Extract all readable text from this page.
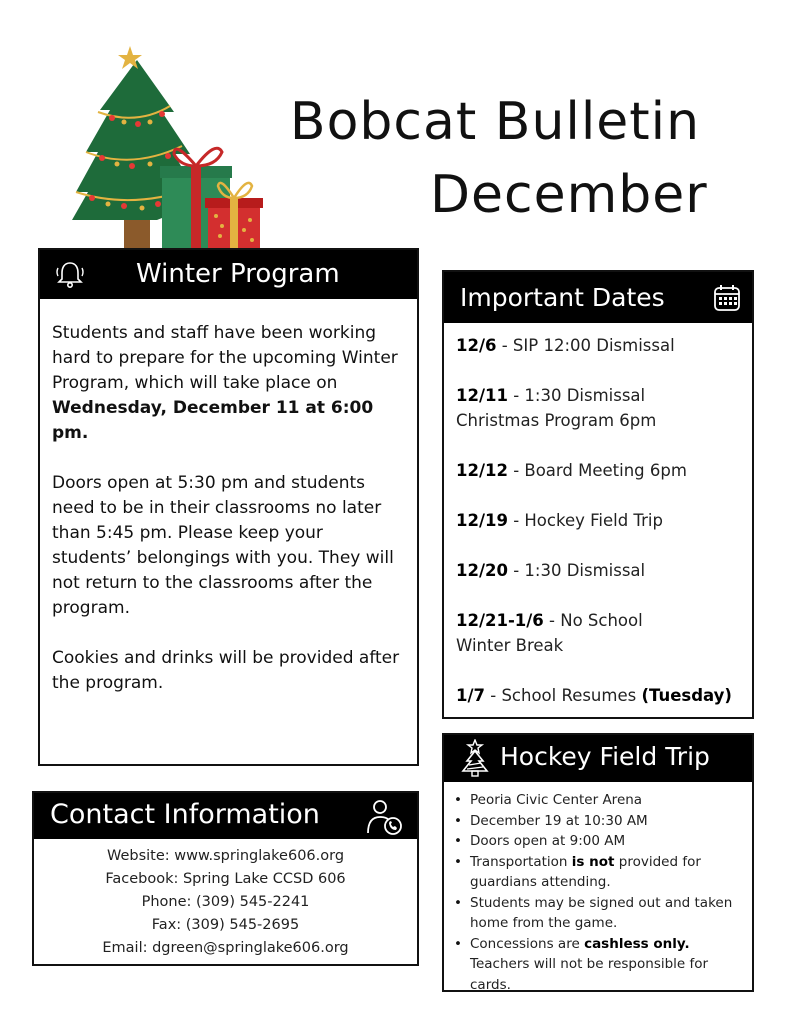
Bobcat Bulletin
December
Winter Program

Students and staff have been working hard to prepare for the upcoming Winter Program, which will take place on Wednesday, December 11 at 6:00 pm.

Doors open at 5:30 pm and students need to be in their classrooms no later than 5:45 pm. Please keep your students’ belongings with you. They will not return to the classrooms after the program.

Cookies and drinks will be provided after the program.

Contact Information
Website: www.springlake606.org
Facebook: Spring Lake CCSD 606
Phone: (309) 545-2241
Fax: (309) 545-2695
Email: dgreen@springlake606.org
Important Dates
12/6 - SIP 12:00 Dismissal
12/11 - 1:30 Dismissal
Christmas Program 6pm
12/12 - Board Meeting 6pm
12/19 - Hockey Field Trip
12/20 - 1:30 Dismissal
12/21-1/6 - No School
Winter Break
1/7 - School Resumes (Tuesday)
Hockey Field Trip
• Peoria Civic Center Arena
• December 19 at 10:30 AM
• Doors open at 9:00 AM
• Transportation is not provided for guardians attending.
• Students may be signed out and taken home from the game.
• Concessions are cashless only. Teachers will not be responsible for cards.
